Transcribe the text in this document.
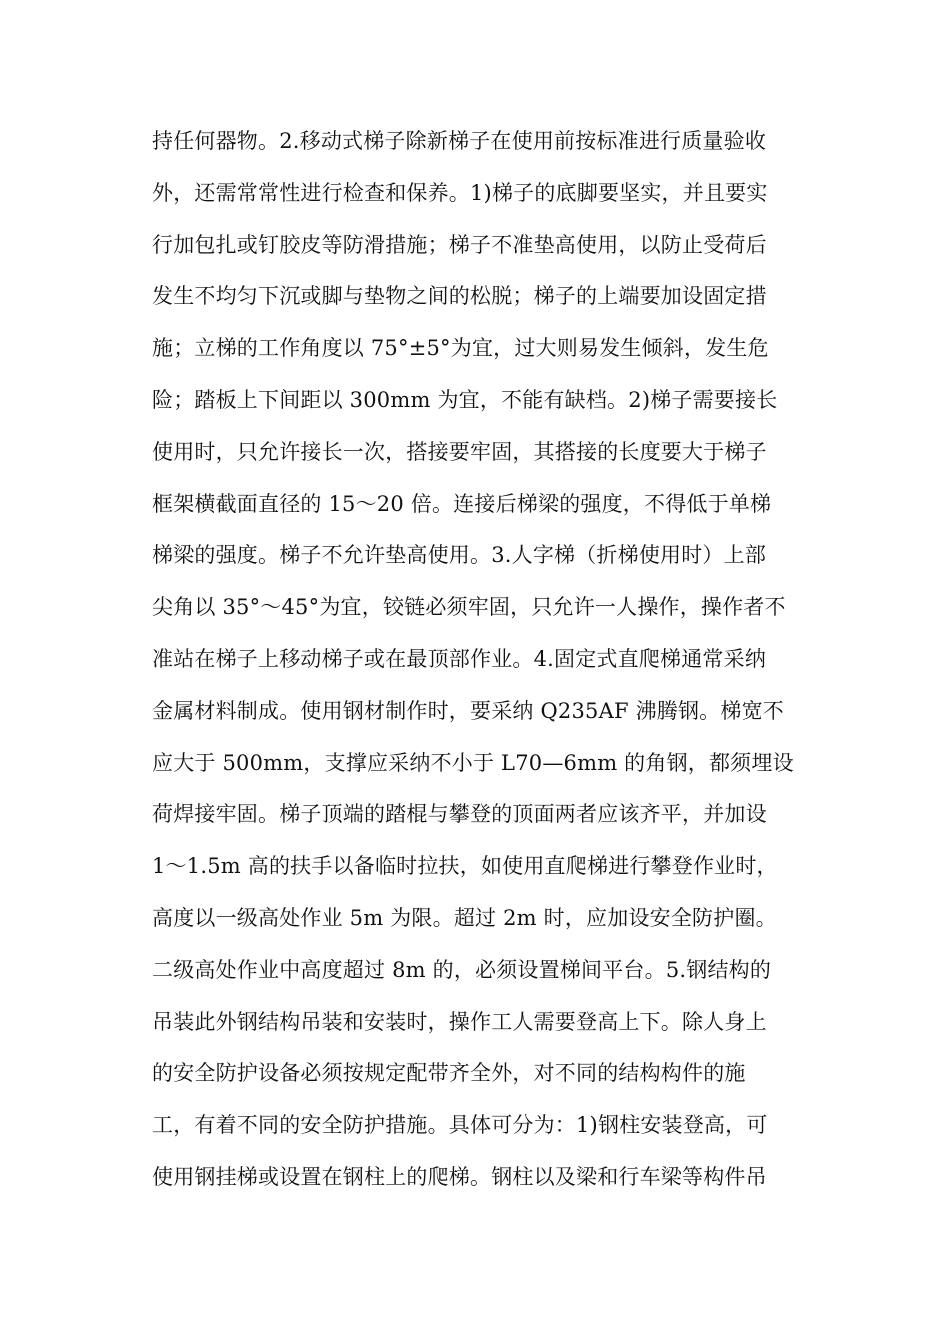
持任何器物。2.移动式梯子除新梯子在使用前按标准进行质量验收
外，还需常常性进行检查和保养。1)梯子的底脚要坚实，并且要实
行加包扎或钉胶皮等防滑措施；梯子不准垫高使用，以防止受荷后
发生不均匀下沉或脚与垫物之间的松脱；梯子的上端要加设固定措
施；立梯的工作角度以 75°±5°为宜，过大则易发生倾斜，发生危
险；踏板上下间距以 300mm 为宜，不能有缺档。2)梯子需要接长
使用时，只允许接长一次，搭接要牢固，其搭接的长度要大于梯子
框架横截面直径的 15～20 倍。连接后梯梁的强度，不得低于单梯
梯梁的强度。梯子不允许垫高使用。3.人字梯（折梯使用时）上部
尖角以 35°～45°为宜，铰链必须牢固，只允许一人操作，操作者不
准站在梯子上移动梯子或在最顶部作业。4.固定式直爬梯通常采纳
金属材料制成。使用钢材制作时，要采纳 Q235AF 沸腾钢。梯宽不
应大于 500mm，支撑应采纳不小于 L70—6mm 的角钢，都须埋设
荷焊接牢固。梯子顶端的踏棍与攀登的顶面两者应该齐平，并加设
1～1.5m 高的扶手以备临时拉扶，如使用直爬梯进行攀登作业时，
高度以一级高处作业 5m 为限。超过 2m 时，应加设安全防护圈。
二级高处作业中高度超过 8m 的，必须设置梯间平台。5.钢结构的
吊装此外钢结构吊装和安装时，操作工人需要登高上下。除人身上
的安全防护设备必须按规定配带齐全外，对不同的结构构件的施
工，有着不同的安全防护措施。具体可分为：1)钢柱安装登高，可
使用钢挂梯或设置在钢柱上的爬梯。钢柱以及梁和行车梁等构件吊
